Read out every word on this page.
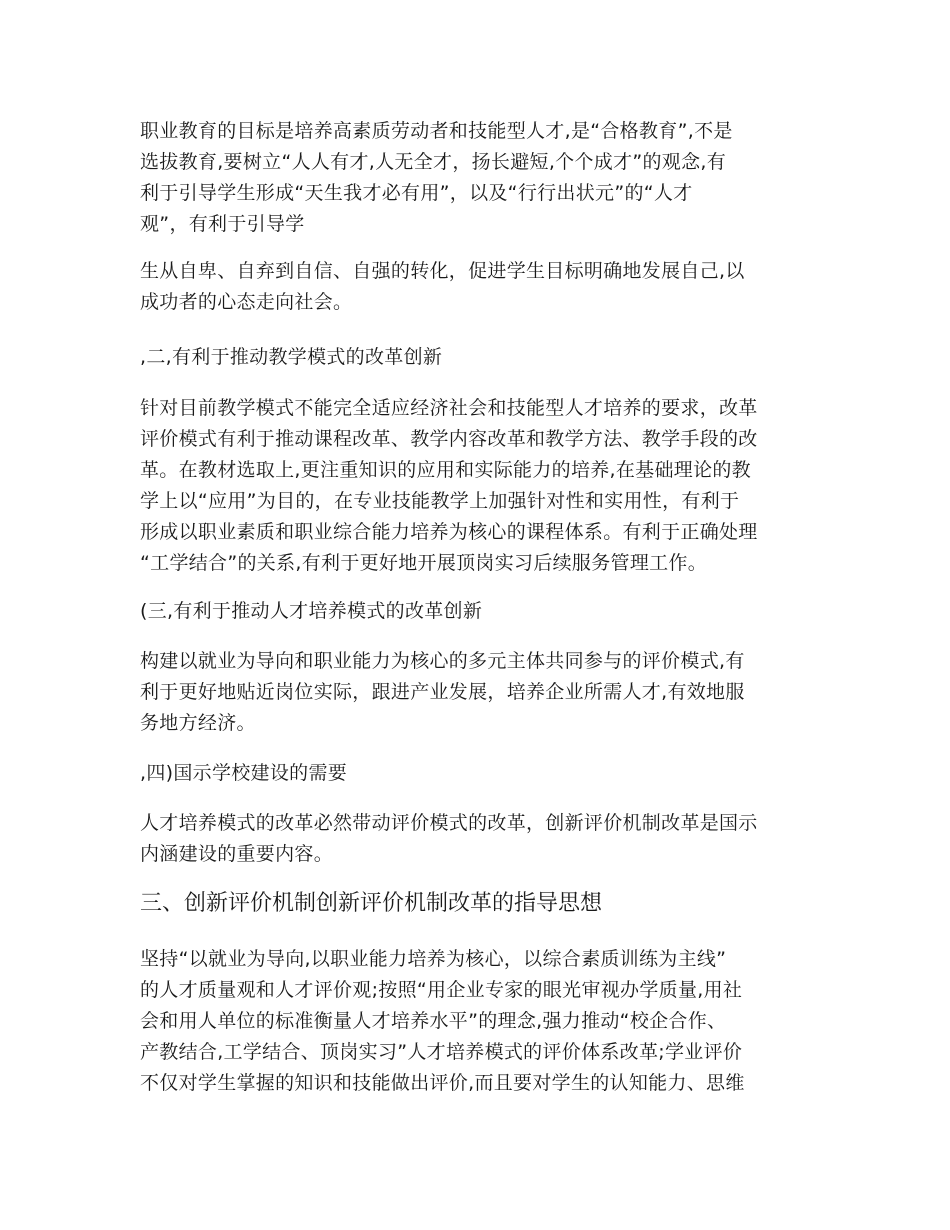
职业教育的目标是培养高素质劳动者和技能型人才,是“合格教育”,不是
选拔教育,要树立“人人有才,人无全才，扬长避短,个个成才”的观念,有
利于引导学生形成“天生我才必有用”，以及“行行出状元”的“人才
观”，有利于引导学

生从自卑、自弃到自信、自强的转化，促进学生目标明确地发展自己,以
成功者的心态走向社会。

,二,有利于推动教学模式的改革创新

针对目前教学模式不能完全适应经济社会和技能型人才培养的要求，改革
评价模式有利于推动课程改革、教学内容改革和教学方法、教学手段的改
革。在教材选取上,更注重知识的应用和实际能力的培养,在基础理论的教
学上以“应用”为目的，在专业技能教学上加强针对性和实用性，有利于
形成以职业素质和职业综合能力培养为核心的课程体系。有利于正确处理
“工学结合”的关系,有利于更好地开展顶岗实习后续服务管理工作。

(三,有利于推动人才培养模式的改革创新

构建以就业为导向和职业能力为核心的多元主体共同参与的评价模式,有
利于更好地贴近岗位实际，跟进产业发展，培养企业所需人才,有效地服
务地方经济。

,四)国示学校建设的需要

人才培养模式的改革必然带动评价模式的改革，创新评价机制改革是国示
内涵建设的重要内容。

三、创新评价机制创新评价机制改革的指导思想

坚持“以就业为导向,以职业能力培养为核心，以综合素质训练为主线”
的人才质量观和人才评价观;按照“用企业专家的眼光审视办学质量,用社
会和用人单位的标准衡量人才培养水平”的理念,强力推动“校企合作、
产教结合,工学结合、顶岗实习”人才培养模式的评价体系改革;学业评价
不仅对学生掌握的知识和技能做出评价,而且要对学生的认知能力、思维
